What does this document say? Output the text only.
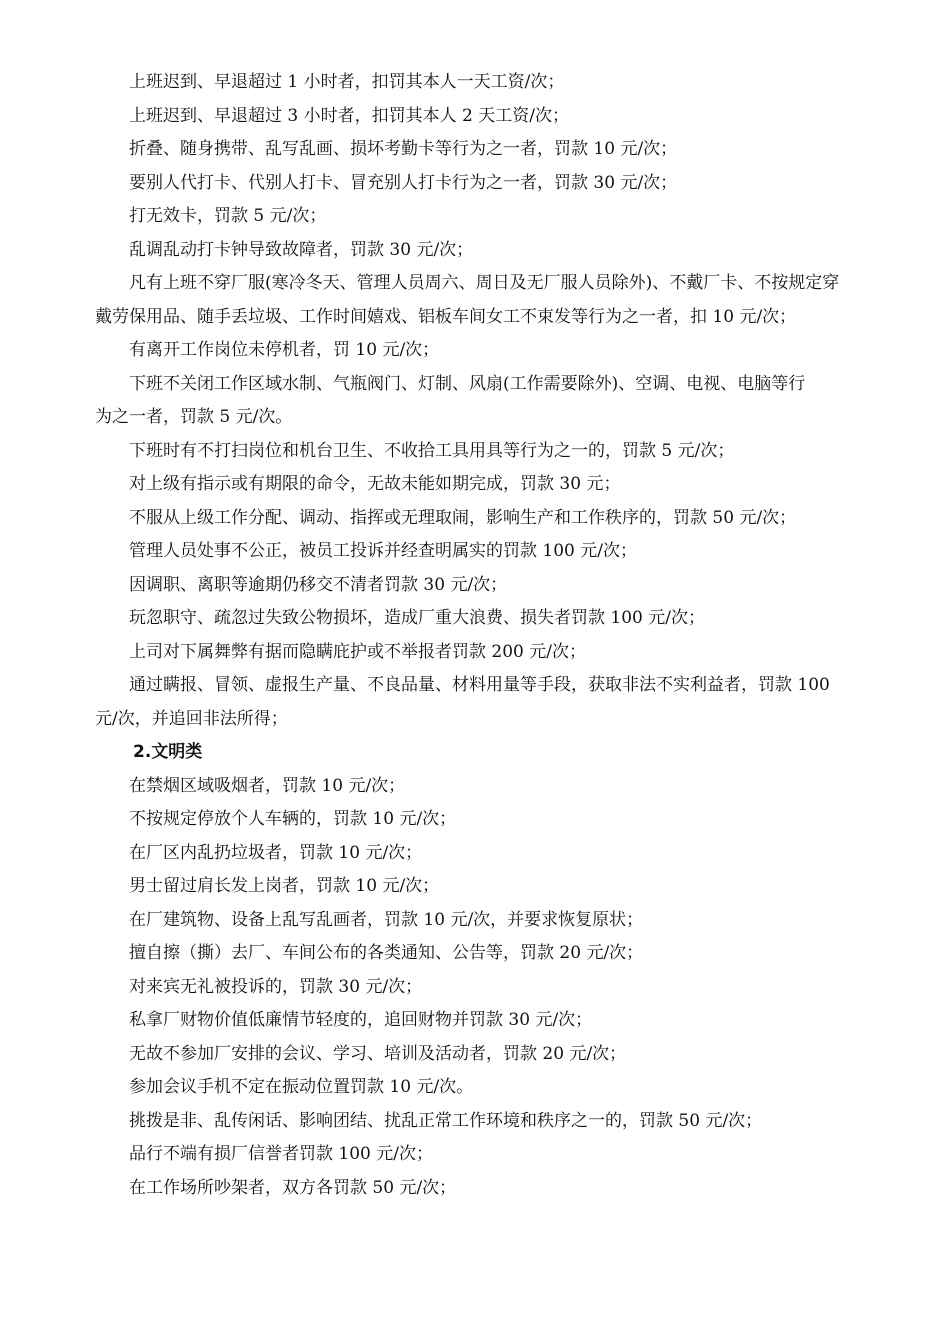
上班迟到、早退超过 1 小时者，扣罚其本人一天工资/次；
上班迟到、早退超过 3 小时者，扣罚其本人 2 天工资/次；
折叠、随身携带、乱写乱画、损坏考勤卡等行为之一者，罚款 10 元/次；
要别人代打卡、代别人打卡、冒充别人打卡行为之一者，罚款 30 元/次；
打无效卡，罚款 5 元/次；
乱调乱动打卡钟导致故障者，罚款 30 元/次；
凡有上班不穿厂服(寒冷冬天、管理人员周六、周日及无厂服人员除外)、不戴厂卡、不按规定穿
戴劳保用品、随手丢垃圾、工作时间嬉戏、铝板车间女工不束发等行为之一者，扣 10 元/次；
有离开工作岗位未停机者，罚 10 元/次；
下班不关闭工作区域水制、气瓶阀门、灯制、风扇(工作需要除外)、空调、电视、电脑等行
为之一者，罚款 5 元/次。
下班时有不打扫岗位和机台卫生、不收拾工具用具等行为之一的，罚款 5 元/次；
对上级有指示或有期限的命令，无故未能如期完成，罚款 30 元；
不服从上级工作分配、调动、指挥或无理取闹，影响生产和工作秩序的，罚款 50 元/次；
管理人员处事不公正，被员工投诉并经查明属实的罚款 100 元/次；
因调职、离职等逾期仍移交不清者罚款 30 元/次；
玩忽职守、疏忽过失致公物损坏，造成厂重大浪费、损失者罚款 100 元/次；
上司对下属舞弊有据而隐瞒庇护或不举报者罚款 200 元/次；
通过瞒报、冒领、虚报生产量、不良品量、材料用量等手段，获取非法不实利益者，罚款 100
元/次，并追回非法所得；
2.文明类
在禁烟区域吸烟者，罚款 10 元/次；
不按规定停放个人车辆的，罚款 10 元/次；
在厂区内乱扔垃圾者，罚款 10 元/次；
男士留过肩长发上岗者，罚款 10 元/次；
在厂建筑物、设备上乱写乱画者，罚款 10 元/次，并要求恢复原状；
擅自擦（撕）去厂、车间公布的各类通知、公告等，罚款 20 元/次；
对来宾无礼被投诉的，罚款 30 元/次；
私拿厂财物价值低廉情节轻度的，追回财物并罚款 30 元/次；
无故不参加厂安排的会议、学习、培训及活动者，罚款 20 元/次；
参加会议手机不定在振动位置罚款 10 元/次。
挑拨是非、乱传闲话、影响团结、扰乱正常工作环境和秩序之一的，罚款 50 元/次；
品行不端有损厂信誉者罚款 100 元/次；
在工作场所吵架者，双方各罚款 50 元/次；
